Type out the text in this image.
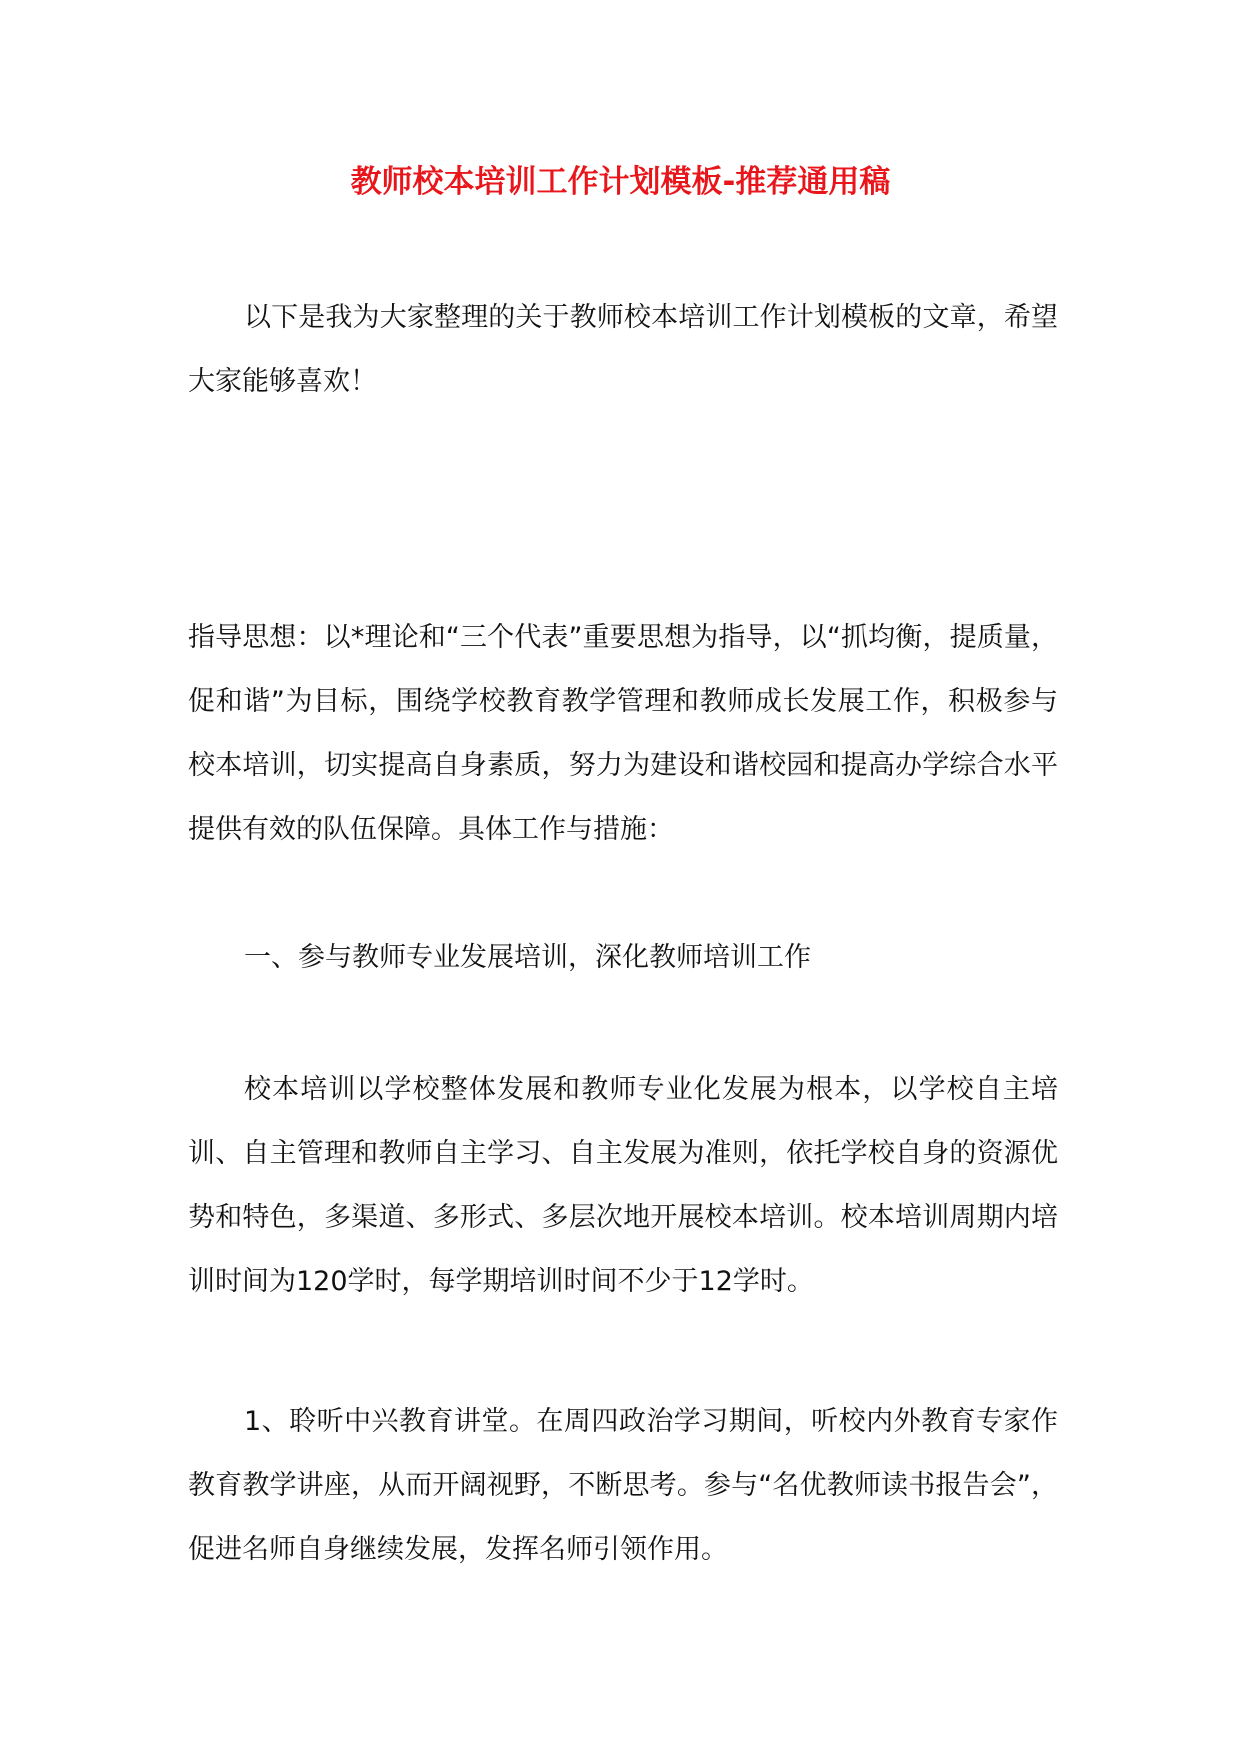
教师校本培训工作计划模板-推荐通用稿

以下是我为大家整理的关于教师校本培训工作计划模板的文章，希望大家能够喜欢！

指导思想：以*理论和“三个代表”重要思想为指导，以“抓均衡，提质量，促和谐”为目标，围绕学校教育教学管理和教师成长发展工作，积极参与校本培训，切实提高自身素质，努力为建设和谐校园和提高办学综合水平提供有效的队伍保障。具体工作与措施：

一、参与教师专业发展培训，深化教师培训工作

校本培训以学校整体发展和教师专业化发展为根本，以学校自主培训、自主管理和教师自主学习、自主发展为准则，依托学校自身的资源优势和特色，多渠道、多形式、多层次地开展校本培训。校本培训周期内培训时间为120学时，每学期培训时间不少于12学时。

1、聆听中兴教育讲堂。在周四政治学习期间，听校内外教育专家作教育教学讲座，从而开阔视野，不断思考。参与“名优教师读书报告会”，促进名师自身继续发展，发挥名师引领作用。
